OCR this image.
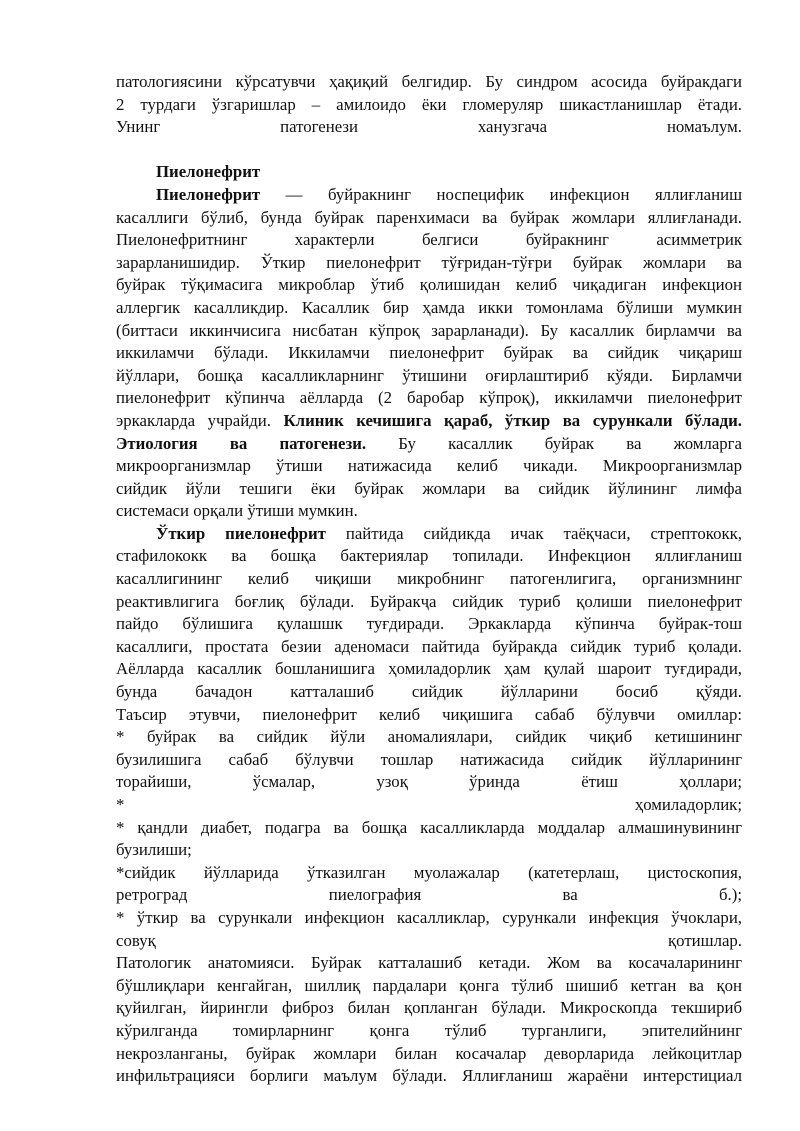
патологиясини кўрсатувчи ҳақиқий белгидир. Бу синдром асосида буйракдаги
2 турдаги ўзгаришлар – амилоидо ёки гломеруляр шикастланишлар ётади.
Унинг патогенези ханузгача номаълум.
Пиелонефрит
Пиелонефрит — буйракнинг носпецифик инфекцион яллиғланиш
касаллиги бўлиб, бунда буйрак паренхимаси ва буйрак жомлари яллиғланади.
Пиелонефритнинг характерли белгиси буйракнинг асимметрик
зарарланишидир. Ўткир пиелонефрит тўғридан-тўғри буйрак жомлари ва
буйрак тўқимасига микроблар ўтиб қолишидан келиб чиқадиган инфекцион
аллергик касалликдир. Касаллик бир ҳамда икки томонлама бўлиши мумкин
(биттаси иккинчисига нисбатан кўпроқ зарарланади). Бу касаллик бирламчи ва
иккиламчи бўлади. Иккиламчи пиелонефрит буйрак ва сийдик чиқариш
йўллари, бошқа касалликларнинг ўтишини оғирлаштириб кўяди. Бирламчи
пиелонефрит кўпинча аёлларда (2 баробар кўпроқ), иккиламчи пиелонефрит
эркакларда учрайди. Клиник кечишига қараб, ўткир ва сурункали бўлади.
Этиология ва патогенези. Бу касаллик буйрак ва жомларга
микроорганизмлар ўтиши натижасида келиб чикади. Микроорганизмлар
сийдик йўли тешиги ёки буйрак жомлари ва сийдик йўлининг лимфа
системаси орқали ўтиши мумкин.
Ўткир пиелонефрит пайтида сийдикда ичак таёқчаси, стрептококк,
стафилококк ва бошқа бактериялар топилади. Инфекцион яллиғланиш
касаллигининг келиб чиқиши микробнинг патогенлигига, организмнинг
реактивлигига боғлиқ бўлади. Буйракҷа сийдик туриб қолиши пиелонефрит
пайдо бўлишига қулашшк туғдиради. Эркакларда кўпинча буйрак-тош
касаллиги, простата безии аденомаси пайтида буйракда сийдик туриб қолади.
Аёлларда касаллик бошланишига ҳомиладорлик ҳам қулай шароит туғдиради,
бунда бачадон катталашиб сийдик йўлларини босиб қўяди.
Таъсир этувчи, пиелонефрит келиб чиқишига сабаб бўлувчи омиллар:
* буйрак ва сийдик йўли аномалиялари, сийдик чиқиб кетишининг
бузилишига сабаб бўлувчи тошлар натижасида сийдик йўлларининг
торайиши, ўсмалар, узоқ ўринда ётиш ҳоллари;
* ҳомиладорлик;
* қандли диабет, подагра ва бошқа касалликларда моддалар алмашинувининг
бузилиши;
*сийдик йўлларида ўтказилган муолажалар (катетерлаш, цистоскопия,
ретроград пиелография ва б.);
* ўткир ва сурункали инфекцион касалликлар, сурункали инфекция ўчоклари,
совуқ қотишлар.
Патологик анатомияси. Буйрак катталашиб кетади. Жом ва косачаларининг
бўшлиқлари кенгайган, шиллиқ пардалари қонга тўлиб шишиб кетган ва қон
қуйилган, йирингли фиброз билан қопланган бўлади. Микроскопда текшириб
кўрилганда томирларнинг қонга тўлиб турганлиги, эпителийнинг
некрозланганы, буйрак жомлари билан косачалар деворларида лейкоцитлар
инфильтрацияси борлиги маълум бўлади. Яллиғланиш жараёни интерстициал
